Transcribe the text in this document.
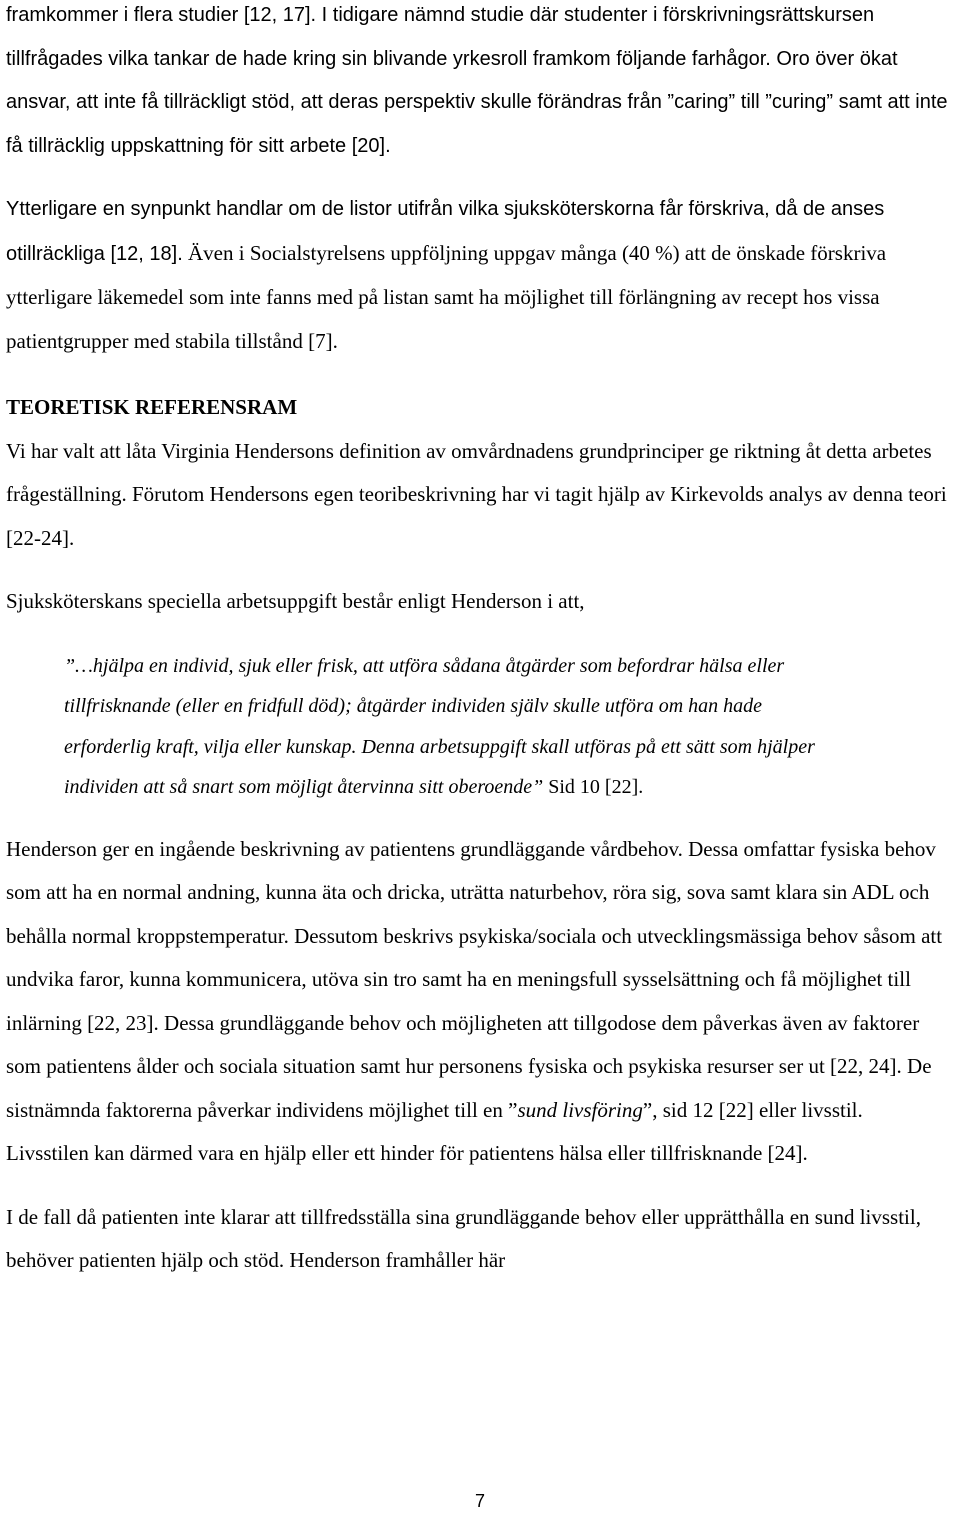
framkommer i flera studier [12, 17]. I tidigare nämnd studie där studenter i förskrivningsrättskursen tillfrågades vilka tankar de hade kring sin blivande yrkesroll framkom följande farhågor. Oro över ökat ansvar, att inte få tillräckligt stöd, att deras perspektiv skulle förändras från ”caring” till ”curing” samt att inte få tillräcklig uppskattning för sitt arbete [20].

Ytterligare en synpunkt handlar om de listor utifrån vilka sjuksköterskorna får förskriva, då de anses otillräckliga [12, 18]. Även i Socialstyrelsens uppföljning uppgav många (40 %) att de önskade förskriva ytterligare läkemedel som inte fanns med på listan samt ha möjlighet till förlängning av recept hos vissa patientgrupper med stabila tillstånd [7].

TEORETISK REFERENSRAM

Vi har valt att låta Virginia Hendersons definition av omvårdnadens grundprinciper ge riktning åt detta arbetes frågeställning. Förutom Hendersons egen teoribeskrivning har vi tagit hjälp av Kirkevolds analys av denna teori [22-24].

Sjuksköterskans speciella arbetsuppgift består enligt Henderson i att,

”…hjälpa en individ, sjuk eller frisk, att utföra sådana åtgärder som befordrar hälsa eller tillfrisknande (eller en fridfull död); åtgärder individen själv skulle utföra om han hade erforderlig kraft, vilja eller kunskap. Denna arbetsuppgift skall utföras på ett sätt som hjälper individen att så snart som möjligt återvinna sitt oberoende” Sid 10 [22].

Henderson ger en ingående beskrivning av patientens grundläggande vårdbehov. Dessa omfattar fysiska behov som att ha en normal andning, kunna äta och dricka, uträtta naturbehov, röra sig, sova samt klara sin ADL och behålla normal kroppstemperatur. Dessutom beskrivs psykiska/sociala och utvecklingsmässiga behov såsom att undvika faror, kunna kommunicera, utöva sin tro samt ha en meningsfull sysselsättning och få möjlighet till inlärning [22, 23]. Dessa grundläggande behov och möjligheten att tillgodose dem påverkas även av faktorer som patientens ålder och sociala situation samt hur personens fysiska och psykiska resurser ser ut [22, 24]. De sistnämnda faktorerna påverkar individens möjlighet till en ”sund livsföring”, sid 12 [22] eller livsstil. Livsstilen kan därmed vara en hjälp eller ett hinder för patientens hälsa eller tillfrisknande [24].

I de fall då patienten inte klarar att tillfredsställa sina grundläggande behov eller upprätthålla en sund livsstil, behöver patienten hjälp och stöd. Henderson framhåller här

7
